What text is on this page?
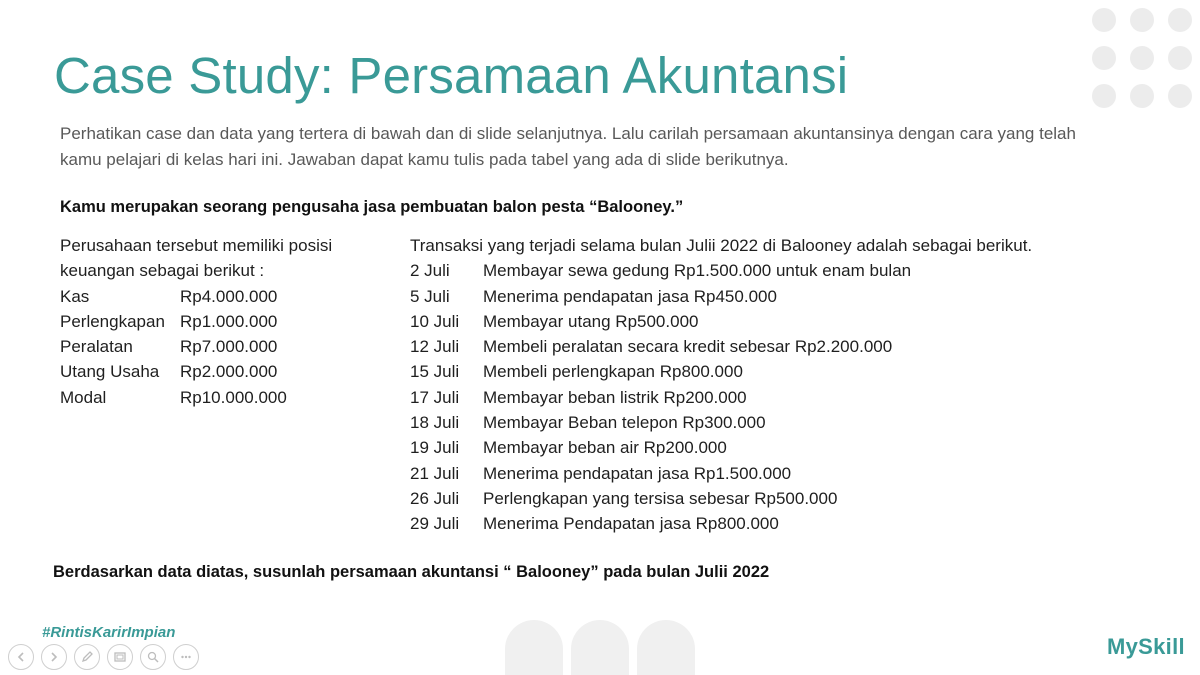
Case Study: Persamaan Akuntansi

Perhatikan case dan data yang tertera di bawah dan di slide selanjutnya. Lalu carilah persamaan akuntansinya dengan cara yang telah kamu pelajari di kelas hari ini. Jawaban dapat kamu tulis pada tabel yang ada di slide berikutnya.

Kamu merupakan seorang pengusaha jasa pembuatan balon pesta “Balooney.”

Perusahaan tersebut memiliki posisi
keuangan sebagai berikut :
Kas	Rp4.000.000
Perlengkapan Rp1.000.000
Peralatan	Rp7.000.000
Utang Usaha	Rp2.000.000
Modal	Rp10.000.000
Transaksi yang terjadi selama bulan Julii 2022 di Balooney adalah sebagai berikut.
2 Juli	Membayar sewa gedung Rp1.500.000 untuk enam bulan
5 Juli	Menerima pendapatan jasa Rp450.000
10 Juli	Membayar utang Rp500.000
12 Juli	Membeli peralatan secara kredit sebesar Rp2.200.000
15 Juli	Membeli perlengkapan Rp800.000
17 Juli	Membayar beban listrik Rp200.000
18 Juli	Membayar Beban telepon Rp300.000
19 Juli	Membayar beban air Rp200.000
21 Juli	Menerima pendapatan jasa Rp1.500.000
26 Juli	Perlengkapan yang tersisa sebesar Rp500.000
29 Juli	Menerima Pendapatan jasa Rp800.000

Berdasarkan data diatas, susunlah persamaan akuntansi “ Balooney” pada bulan Julii 2022

#RintisKarirImpian
MySkill
